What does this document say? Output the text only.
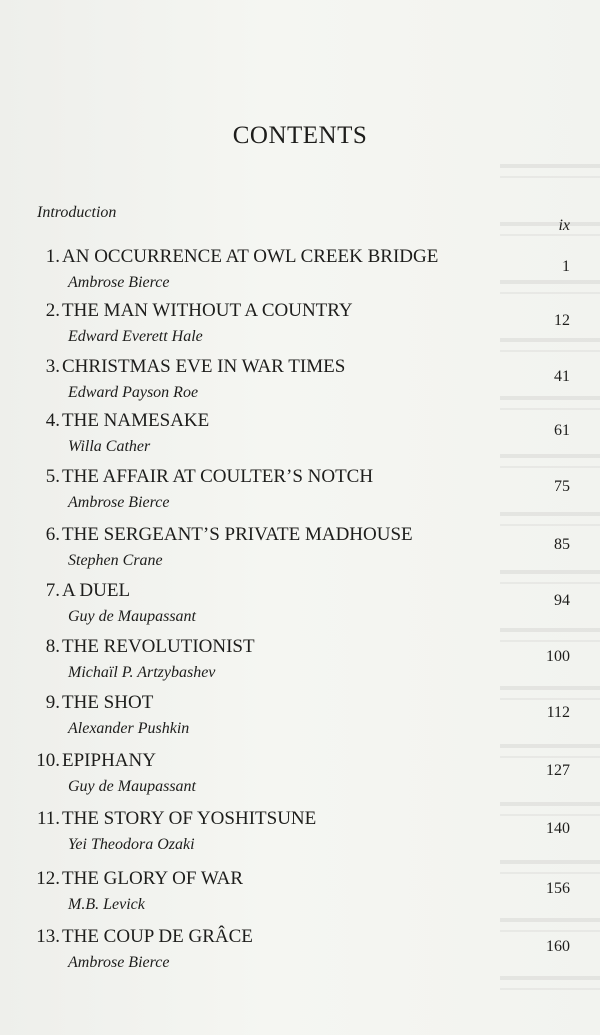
CONTENTS
Introduction
ix
1. AN OCCURRENCE AT OWL CREEK BRIDGE
Ambrose Bierce
1
2. THE MAN WITHOUT A COUNTRY
Edward Everett Hale
12
3. CHRISTMAS EVE IN WAR TIMES
Edward Payson Roe
41
4. THE NAMESAKE
Willa Cather
61
5. THE AFFAIR AT COULTER’S NOTCH
Ambrose Bierce
75
6. THE SERGEANT’S PRIVATE MADHOUSE
Stephen Crane
85
7. A DUEL
Guy de Maupassant
94
8. THE REVOLUTIONIST
Michaïl P. Artzybashev
100
9. THE SHOT
Alexander Pushkin
112
10. EPIPHANY
Guy de Maupassant
127
11. THE STORY OF YOSHITSUNE
Yei Theodora Ozaki
140
12. THE GLORY OF WAR
M.B. Levick
156
13. THE COUP DE GRÂCE
Ambrose Bierce
160
